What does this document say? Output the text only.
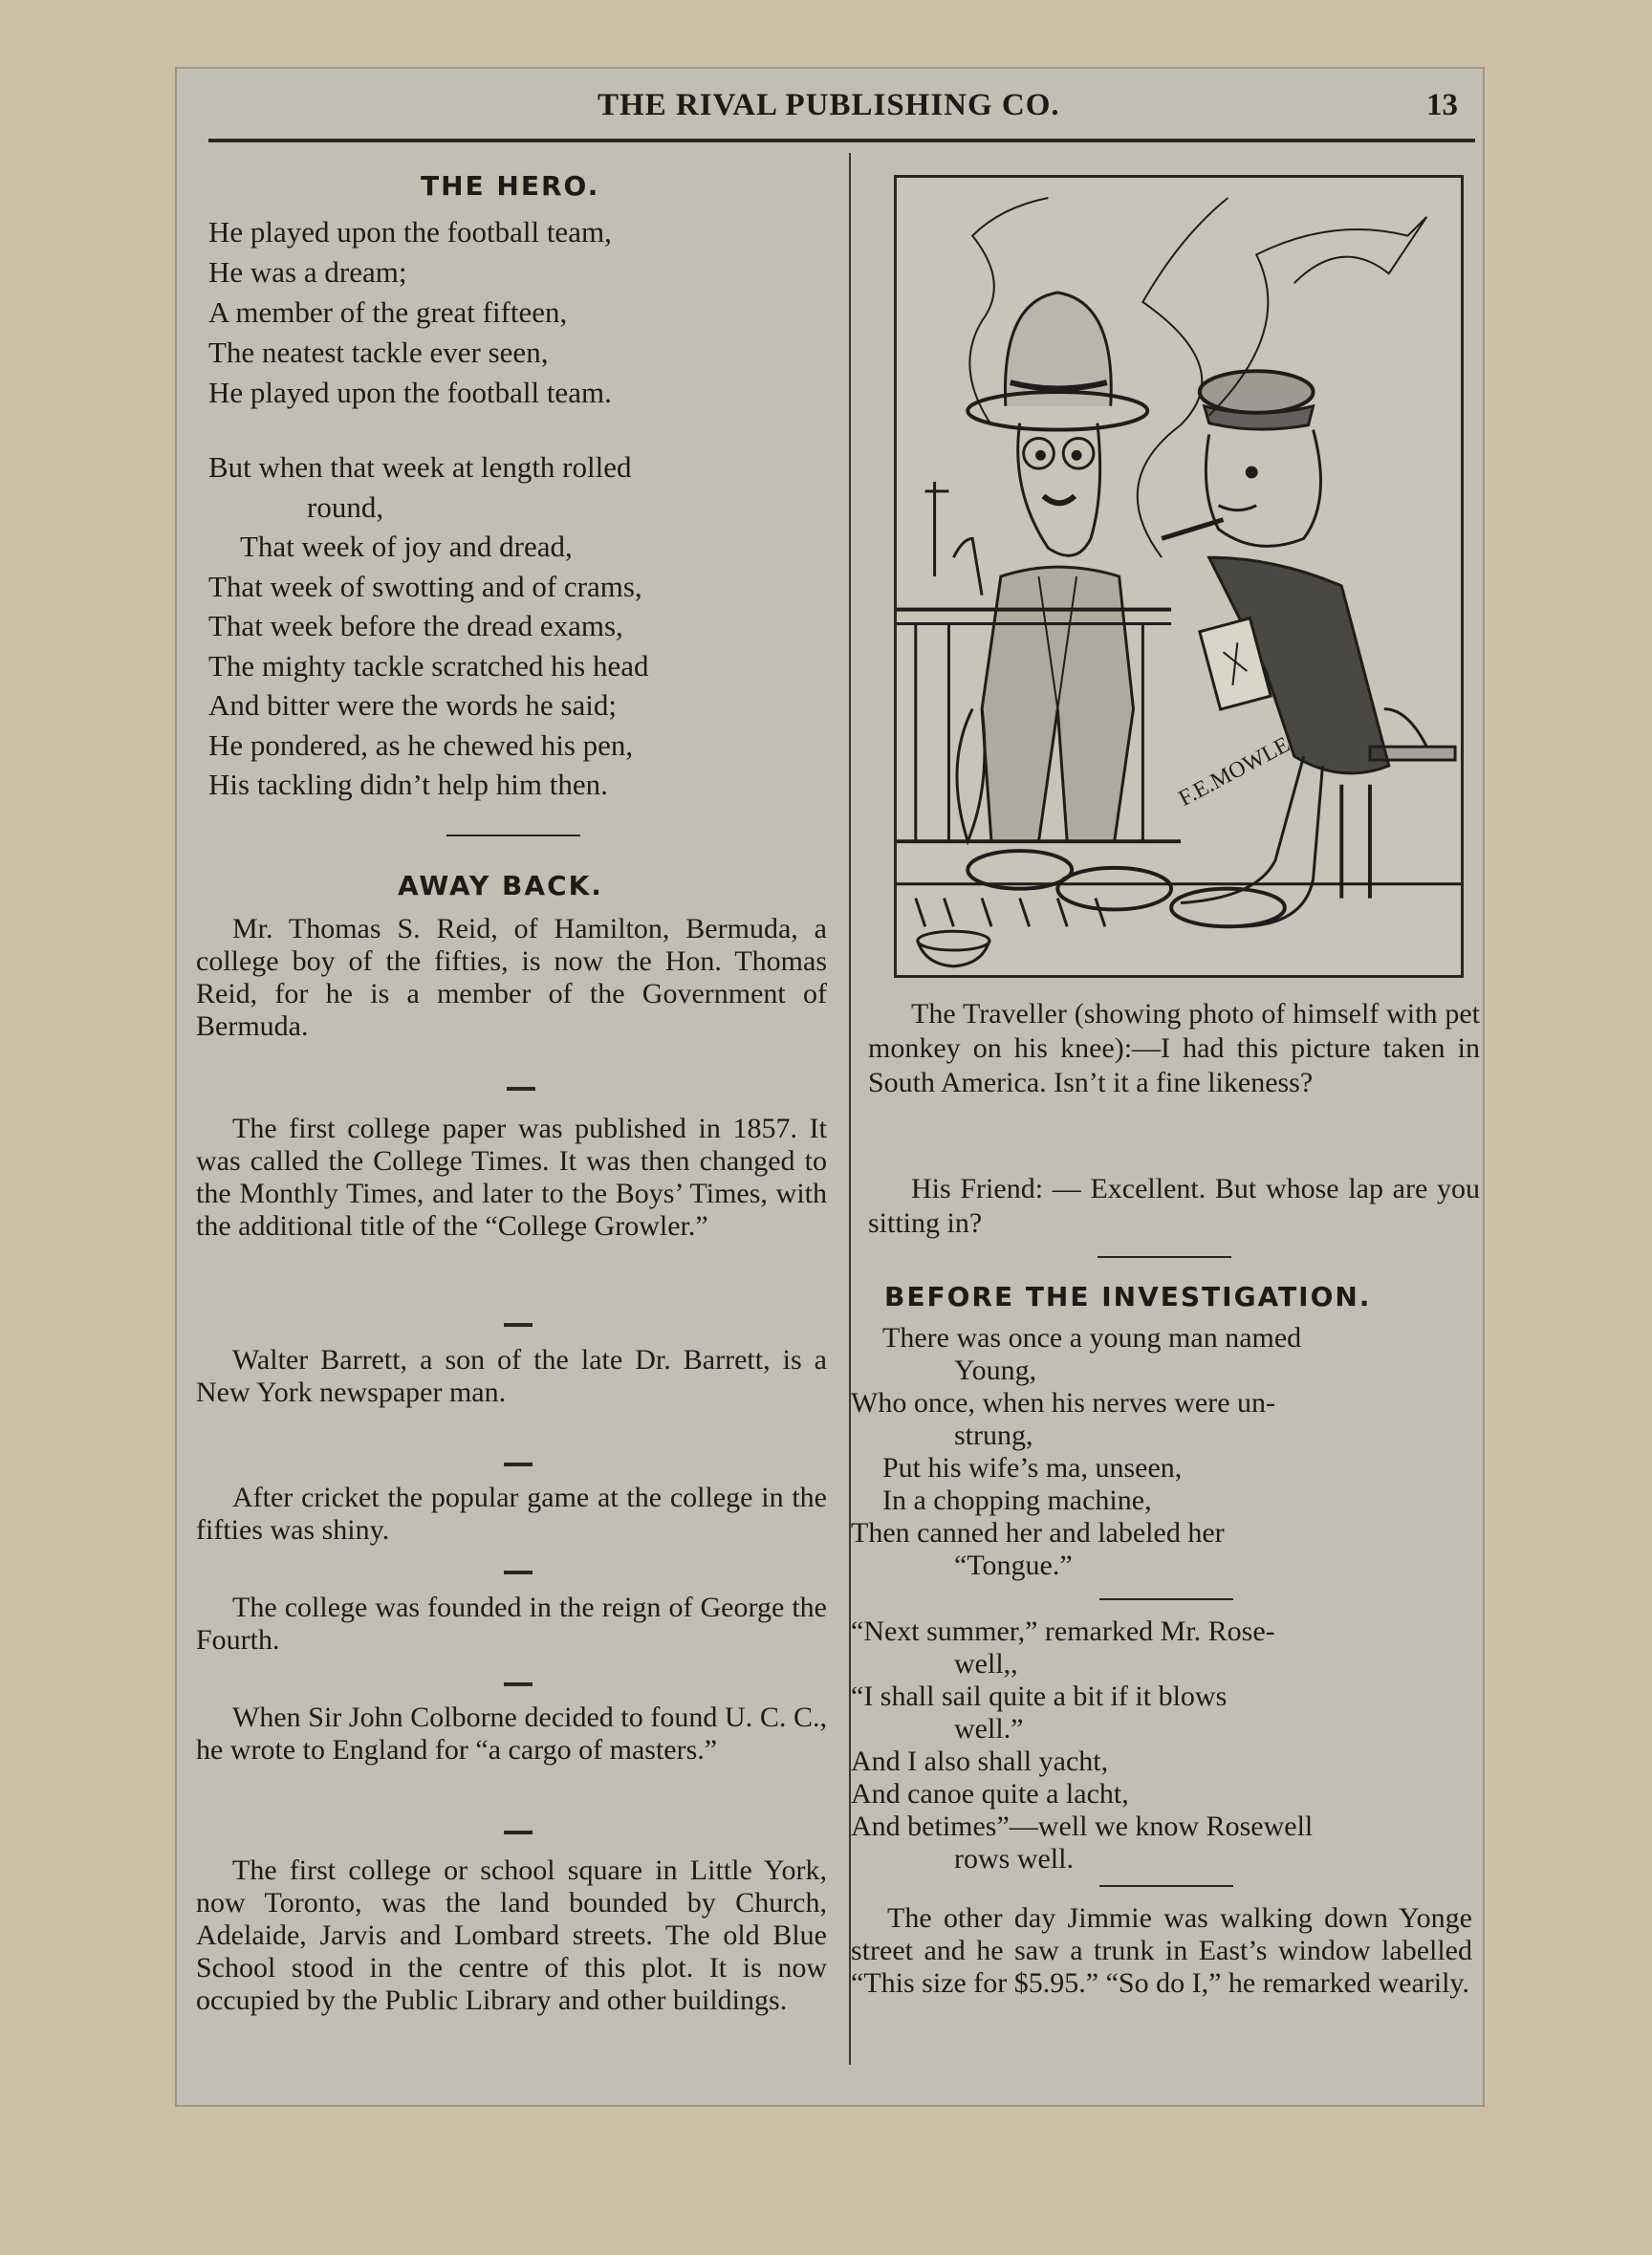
THE RIVAL PUBLISHING CO.	13
THE HERO.
He played upon the football team,
He was a dream;
A member of the great fifteen,
The neatest tackle ever seen,
He played upon the football team.
But when that week at length rolled
round,
That week of joy and dread,
That week of swotting and of crams,
That week before the dread exams,
The mighty tackle scratched his head
And bitter were the words he said;
He pondered, as he chewed his pen,
His tackling didn’t help him then.
AWAY BACK.
Mr. Thomas S. Reid, of Hamilton, Bermuda, a college boy of the fifties, is now the Hon. Thomas Reid, for he is a member of the Government of Bermuda.
The first college paper was published in 1857. It was called the College Times. It was then changed to the Monthly Times, and later to the Boys’ Times, with the additional title of the “College Growler.”
Walter Barrett, a son of the late Dr. Barrett, is a New York newspaper man.
After cricket the popular game at the college in the fifties was shiny.
The college was founded in the reign of George the Fourth.
When Sir John Colborne decided to found U. C. C., he wrote to England for “a cargo of masters.”
The first college or school square in Little York, now Toronto, was the land bounded by Church, Adelaide, Jarvis and Lombard streets. The old Blue School stood in the centre of this plot. It is now occupied by the Public Library and other buildings.
F.E.MOWLE
The Traveller (showing photo of himself with pet monkey on his knee):—I had this picture taken in South America. Isn’t it a fine likeness?
His Friend: — Excellent. But whose lap are you sitting in?
BEFORE THE INVESTIGATION.
There was once a young man named
Young,
Who once, when his nerves were un-
strung,
Put his wife’s ma, unseen,
In a chopping machine,
Then canned her and labeled her
“Tongue.”
“Next summer,” remarked Mr. Rose-
well,,
“I shall sail quite a bit if it blows
well.”
And I also shall yacht,
And canoe quite a lacht,
And betimes”—well we know Rosewell
rows well.
The other day Jimmie was walking down Yonge street and he saw a trunk in East’s window labelled “This size for $5.95.” “So do I,” he remarked wearily.
